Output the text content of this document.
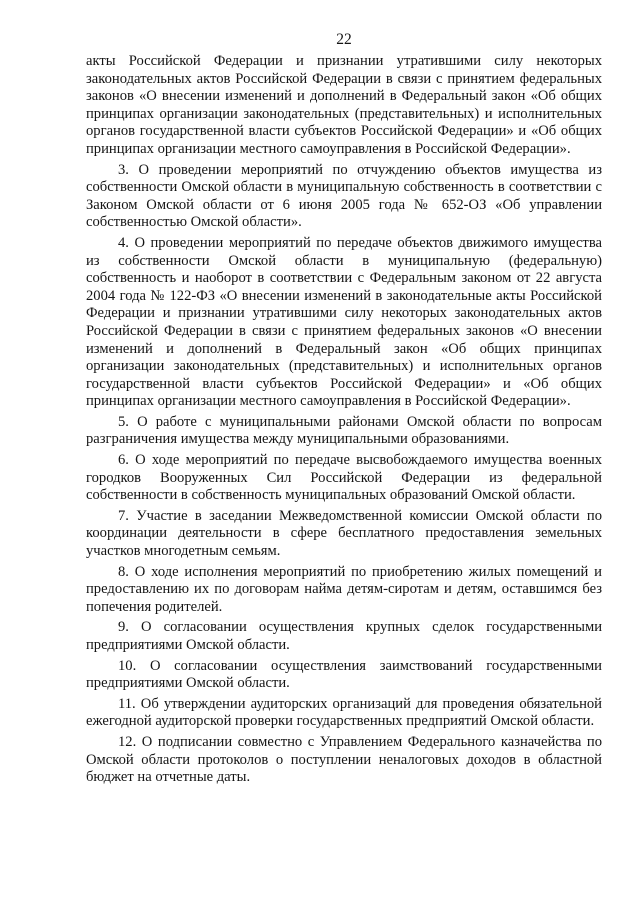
22

акты Российской Федерации и признании утратившими силу некоторых законодательных актов Российской Федерации в связи с принятием федеральных законов «О внесении изменений и дополнений в Федеральный закон «Об общих принципах организации законодательных (представительных) и исполнительных органов государственной власти субъектов Российской Федерации» и «Об общих принципах организации местного самоуправления в Российской Федерации».

3. О проведении мероприятий по отчуждению объектов имущества из собственности Омской области в муниципальную собственность в соответствии с Законом Омской области от 6 июня 2005 года № 652-ОЗ «Об управлении собственностью Омской области».

4. О проведении мероприятий по передаче объектов движимого имущества из собственности Омской области в муниципальную (федеральную) собственность и наоборот в соответствии с Федеральным законом от 22 августа 2004 года № 122-ФЗ «О внесении изменений в законодательные акты Российской Федерации и признании утратившими силу некоторых законодательных актов Российской Федерации в связи с принятием федеральных законов «О внесении изменений и дополнений в Федеральный закон «Об общих принципах организации законодательных (представительных) и исполнительных органов государственной власти субъектов Российской Федерации» и «Об общих принципах организации местного самоуправления в Российской Федерации».

5. О работе с муниципальными районами Омской области по вопросам разграничения имущества между муниципальными образованиями.

6. О ходе мероприятий по передаче высвобождаемого имущества военных городков Вооруженных Сил Российской Федерации из федеральной собственности в собственность муниципальных образований Омской области.

7. Участие в заседании Межведомственной комиссии Омской области по координации деятельности в сфере бесплатного предоставления земельных участков многодетным семьям.

8. О ходе исполнения мероприятий по приобретению жилых помещений и предоставлению их по договорам найма детям-сиротам и детям, оставшимся без попечения родителей.

9. О согласовании осуществления крупных сделок государственными предприятиями Омской области.

10. О согласовании осуществления заимствований государственными предприятиями Омской области.

11. Об утверждении аудиторских организаций для проведения обязательной ежегодной аудиторской проверки государственных предприятий Омской области.

12. О подписании совместно с Управлением Федерального казначейства по Омской области протоколов о поступлении неналоговых доходов в областной бюджет на отчетные даты.
